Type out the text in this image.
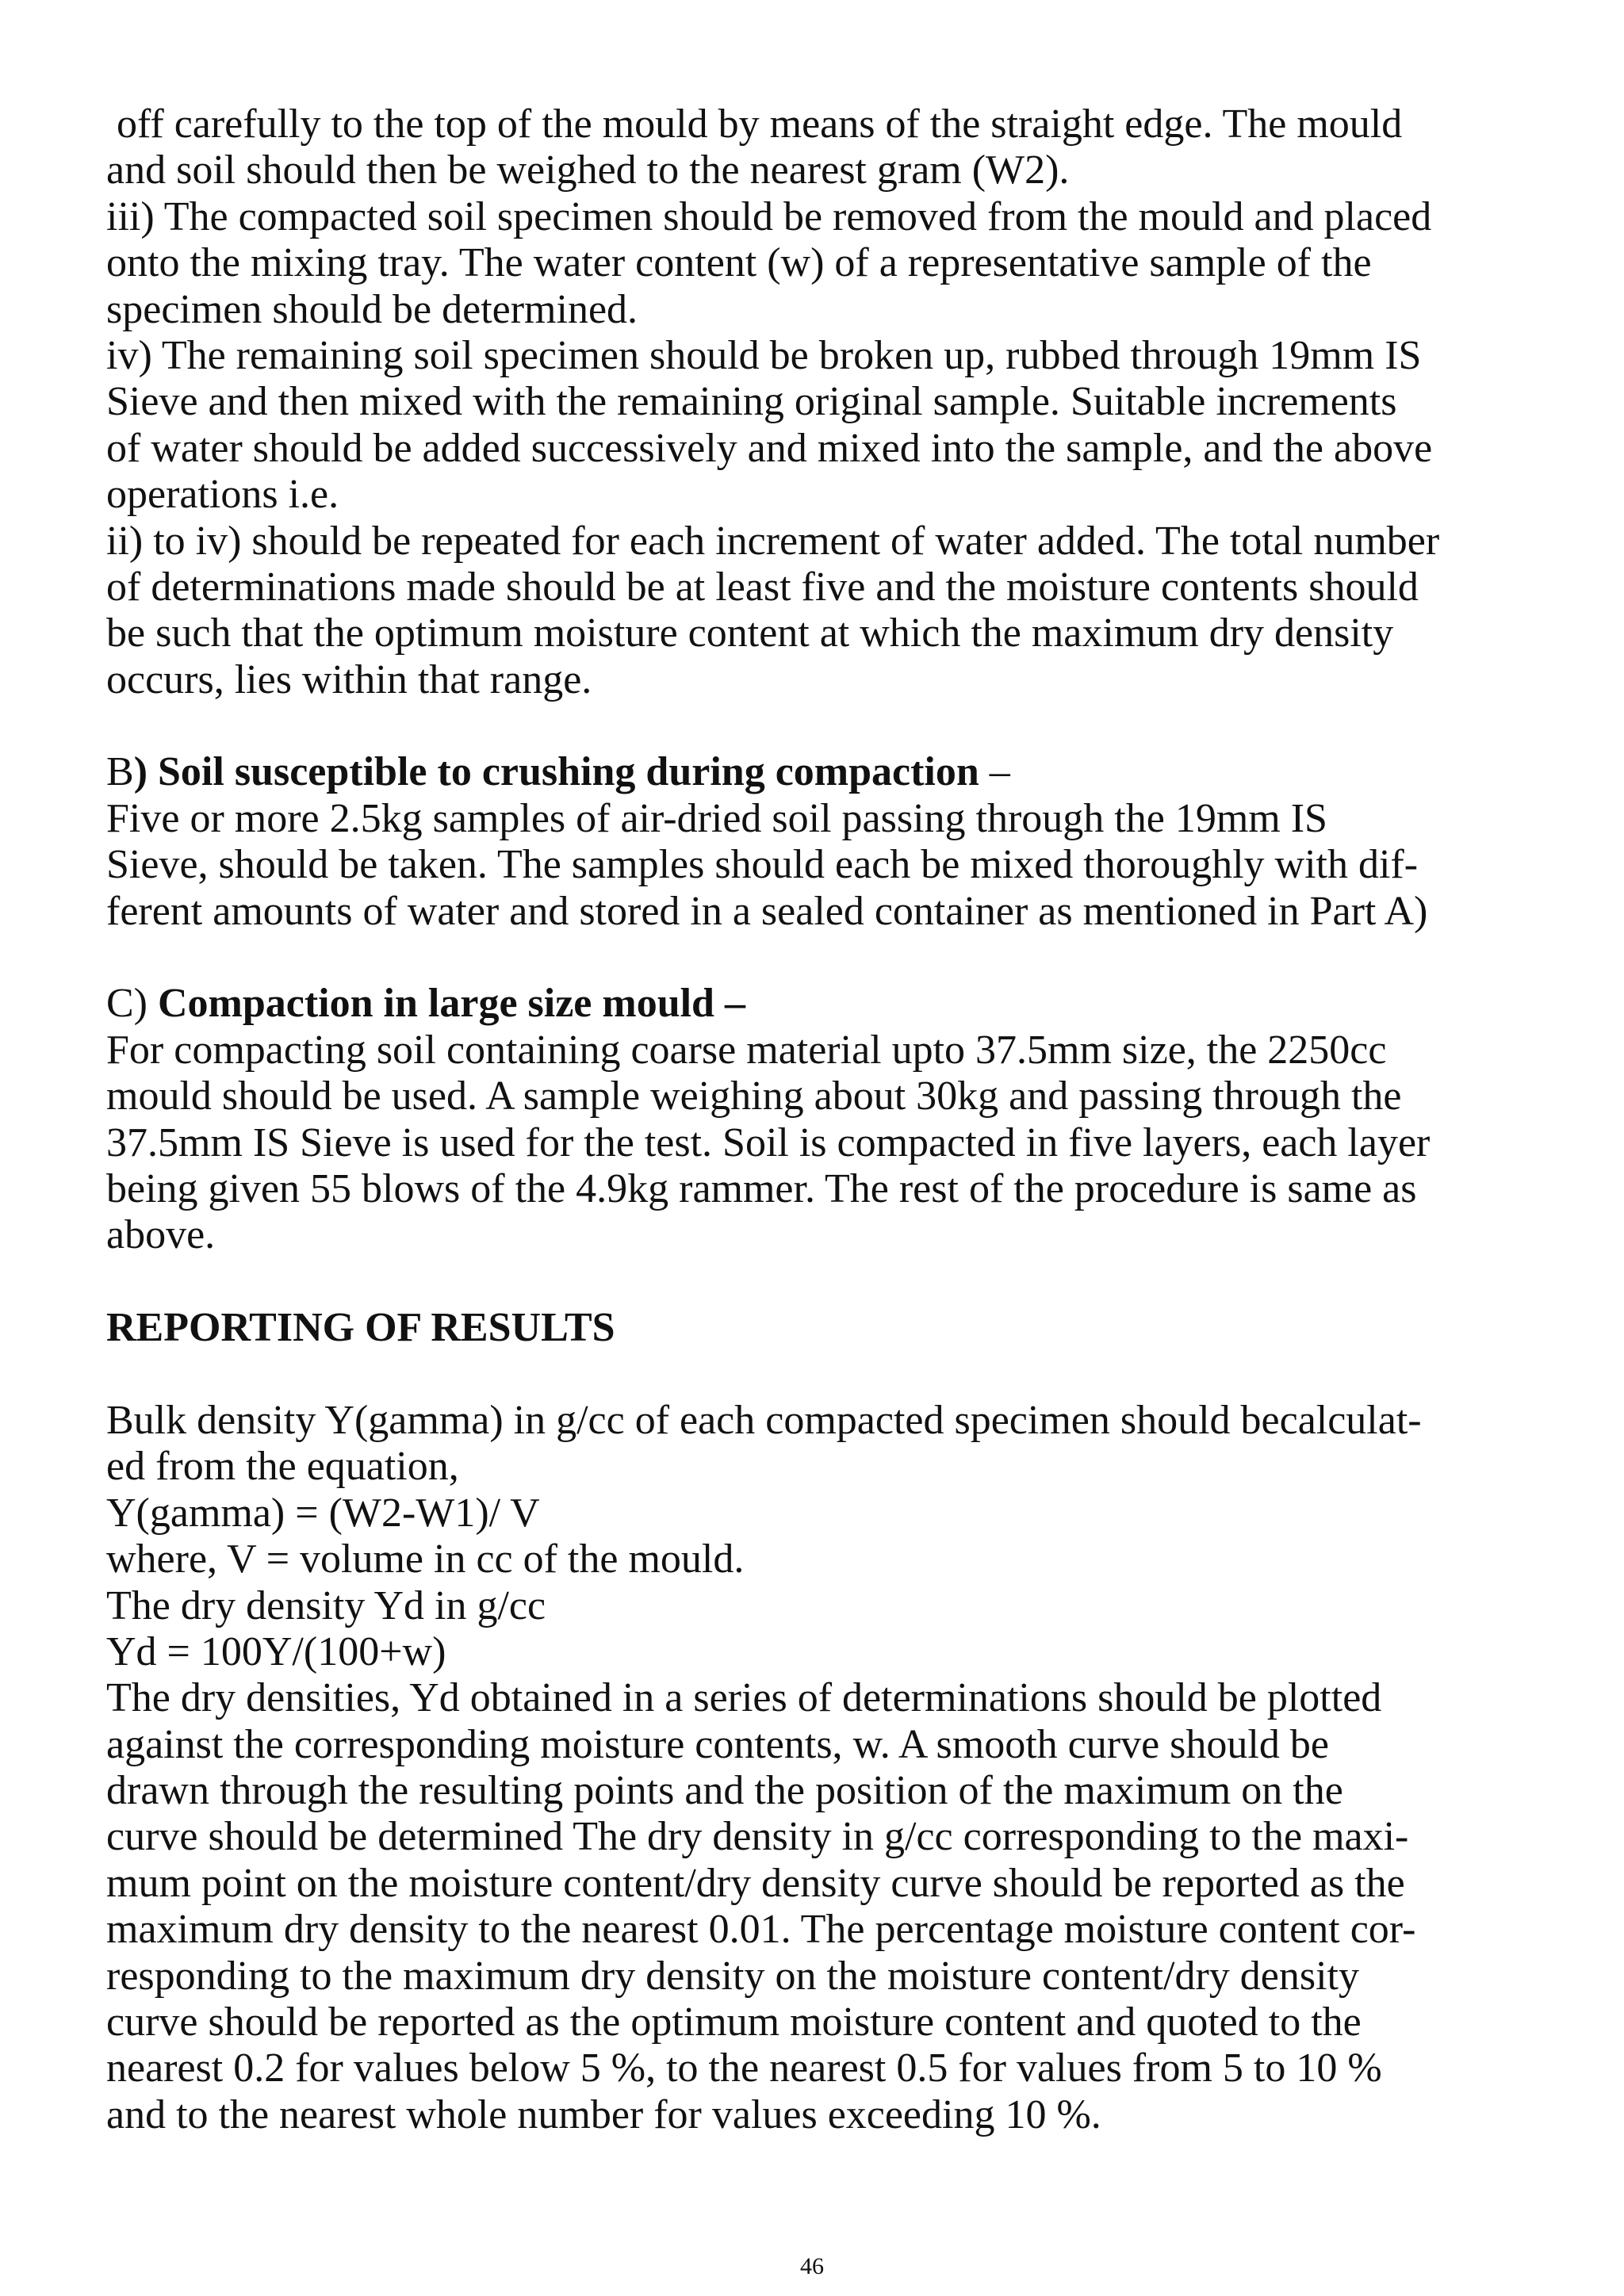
off carefully to the top of the mould by means of the straight edge. The mould
and soil should then be weighed to the nearest gram (W2).
iii) The compacted soil specimen should be removed from the mould and placed
onto the mixing tray. The water content (w) of a representative sample of the
specimen should be determined.
iv) The remaining soil specimen should be broken up, rubbed through 19mm IS
Sieve and then mixed with the remaining original sample. Suitable increments
of water should be added successively and mixed into the sample, and the above
operations i.e.
ii) to iv) should be repeated for each increment of water added. The total number
of determinations made should be at least five and the moisture contents should
be such that the optimum moisture content at which the maximum dry density
occurs, lies within that range.
B) Soil susceptible to crushing during compaction –
Five or more 2.5kg samples of air-dried soil passing through the 19mm IS
Sieve, should be taken. The samples should each be mixed thoroughly with dif-
ferent amounts of water and stored in a sealed container as mentioned in Part A)
C) Compaction in large size mould –
For compacting soil containing coarse material upto 37.5mm size, the 2250cc
mould should be used. A sample weighing about 30kg and passing through the
37.5mm IS Sieve is used for the test. Soil is compacted in five layers, each layer
being given 55 blows of the 4.9kg rammer. The rest of the procedure is same as
above.
REPORTING OF RESULTS
Bulk density Y(gamma) in g/cc of each compacted specimen should becalculat-
ed from the equation,
Y(gamma) = (W2-W1)/ V
where, V = volume in cc of the mould.
The dry density Yd in g/cc
Yd = 100Y/(100+w)
The dry densities, Yd obtained in a series of determinations should be plotted
against the corresponding moisture contents, w. A smooth curve should be
drawn through the resulting points and the position of the maximum on the
curve should be determined The dry density in g/cc corresponding to the maxi-
mum point on the moisture content/dry density curve should be reported as the
maximum dry density to the nearest 0.01. The percentage moisture content cor-
responding to the maximum dry density on the moisture content/dry density
curve should be reported as the optimum moisture content and quoted to the
nearest 0.2 for values below 5 %, to the nearest 0.5 for values from 5 to 10 %
and to the nearest whole number for values exceeding 10 %.
46
